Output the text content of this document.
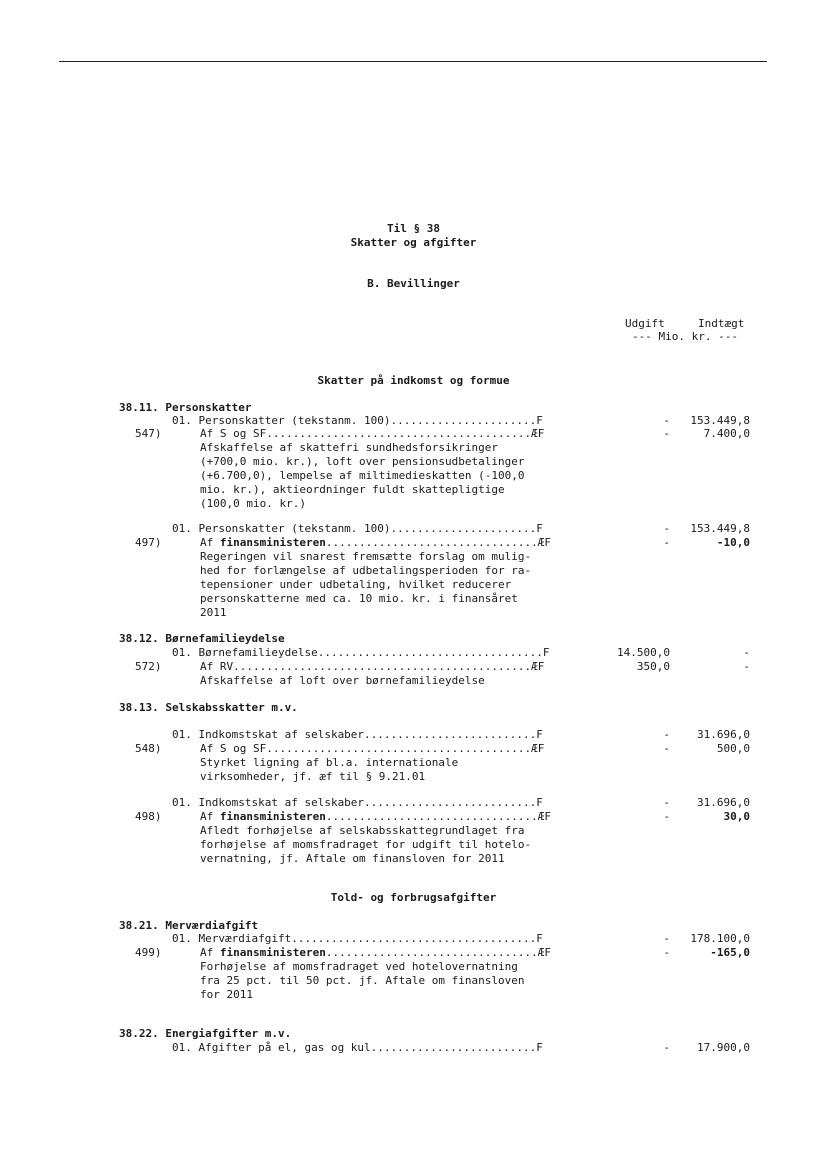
Til § 38
Skatter og afgifter
B. Bevillinger
Udgift	Indtægt
--- Mio. kr. ---
Skatter på indkomst og formue
Told- og forbrugsafgifter
38.11. Personskatter
01. Personskatter (tekstanm. 100)......................F	-	153.449,8
547)	Af S og SF........................................ÆF	-	7.400,0
Afskaffelse af skattefri sundhedsforsikringer
(+700,0 mio. kr.), loft over pensionsudbetalinger
(+6.700,0), lempelse af miltimedieskatten (-100,0
mio. kr.), aktieordninger fuldt skattepligtige
(100,0 mio. kr.)
01. Personskatter (tekstanm. 100)......................F	-	153.449,8
497)	Af finansministeren................................ÆF	-	-10,0
Regeringen vil snarest fremsætte forslag om mulig-
hed for forlængelse af udbetalingsperioden for ra-
tepensioner under udbetaling, hvilket reducerer
personskatterne med ca. 10 mio. kr. i finansåret
2011
38.12. Børnefamilieydelse
01. Børnefamilieydelse..................................F	14.500,0	-
572)	Af RV.............................................ÆF	350,0	-
Afskaffelse af loft over børnefamilieydelse
38.13. Selskabsskatter m.v.
01. Indkomstskat af selskaber..........................F	-	31.696,0
548)	Af S og SF........................................ÆF	-	500,0
Styrket ligning af bl.a. internationale
virksomheder, jf. æf til § 9.21.01
01. Indkomstskat af selskaber..........................F	-	31.696,0
498)	Af finansministeren................................ÆF	-	30,0
Afledt forhøjelse af selskabsskattegrundlaget fra
forhøjelse af momsfradraget for udgift til hotelo-
vernatning, jf. Aftale om finansloven for 2011
38.21. Merværdiafgift
01. Merværdiafgift.....................................F	-	178.100,0
499)	Af finansministeren................................ÆF	-	-165,0
Forhøjelse af momsfradraget ved hotelovernatning
fra 25 pct. til 50 pct. jf. Aftale om finansloven
for 2011
38.22. Energiafgifter m.v.
01. Afgifter på el, gas og kul.........................F	-	17.900,0
